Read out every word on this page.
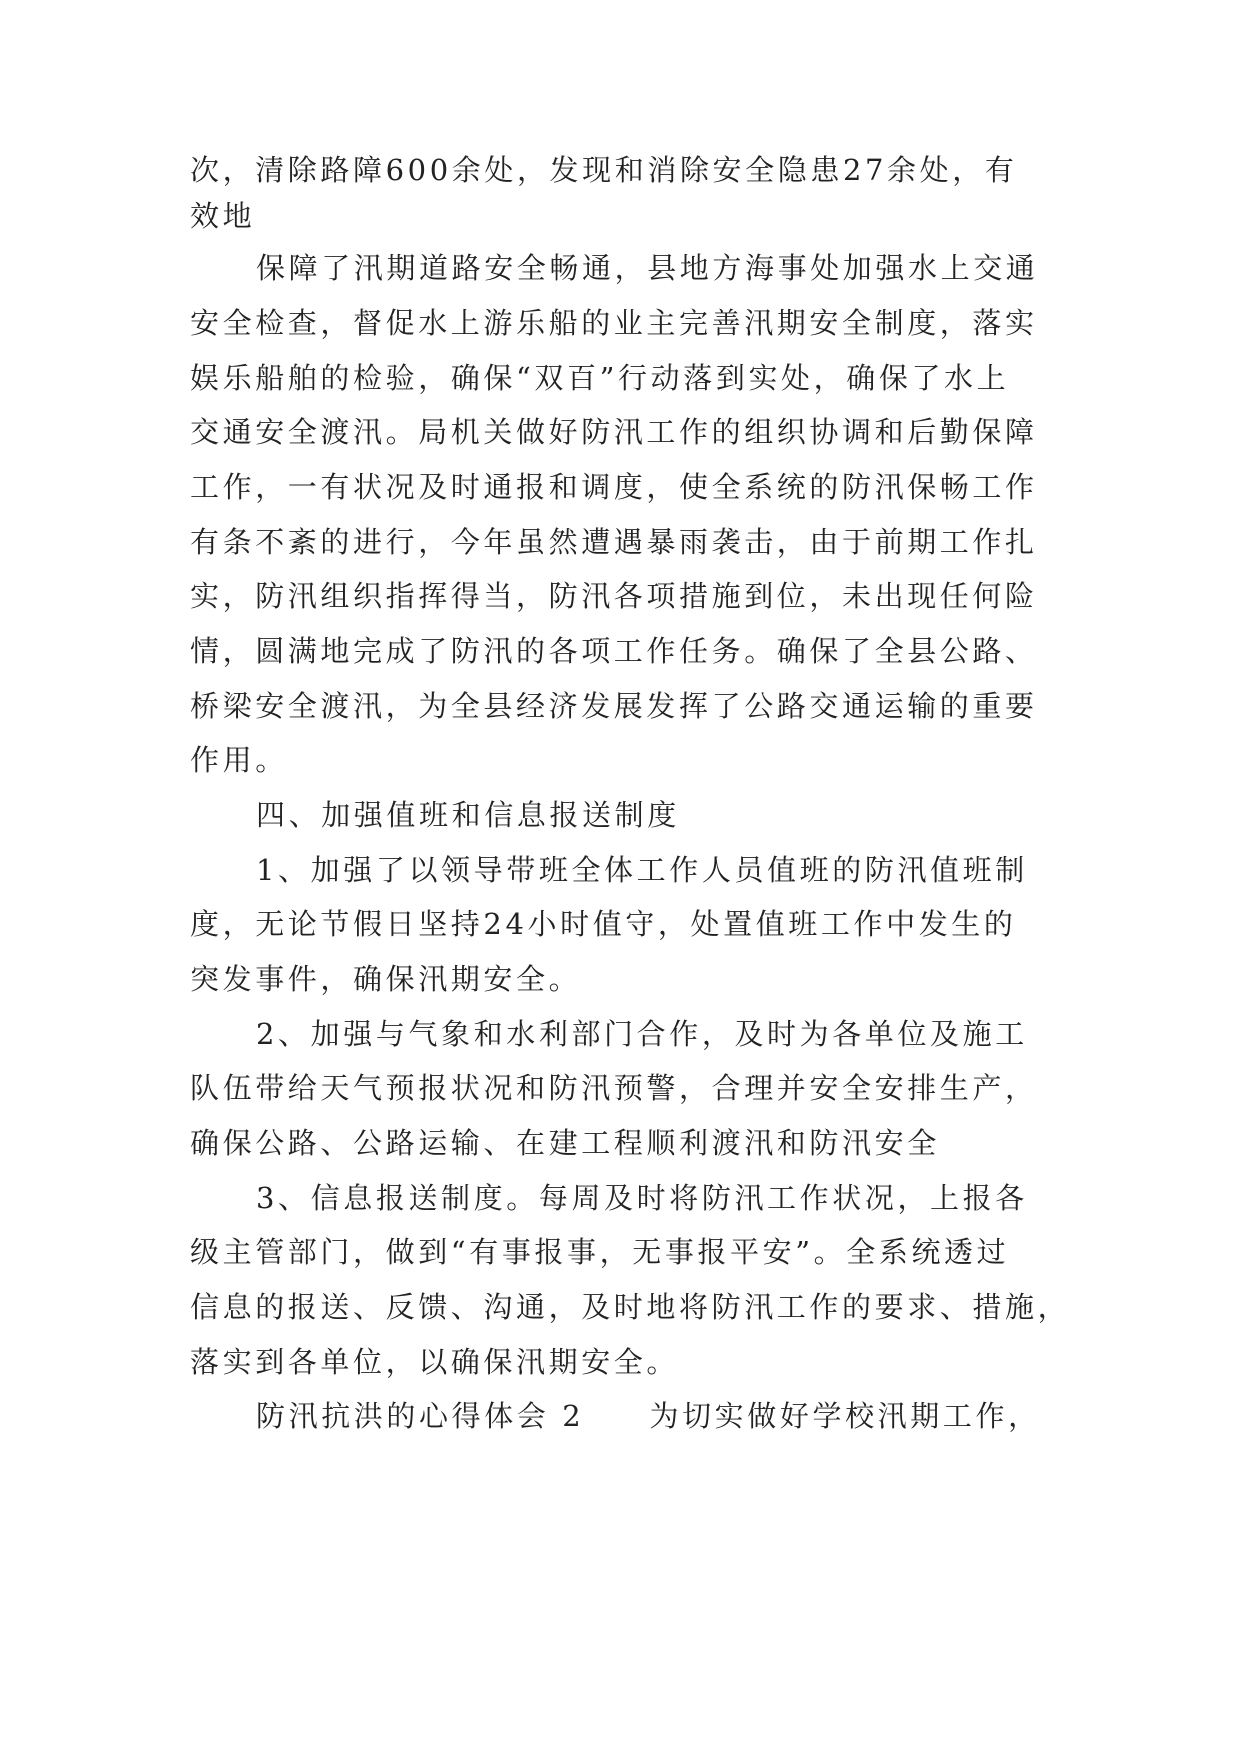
次，清除路障600余处，发现和消除安全隐患27余处，有
效地
保障了汛期道路安全畅通，县地方海事处加强水上交通
安全检查，督促水上游乐船的业主完善汛期安全制度，落实
娱乐船舶的检验，确保“双百”行动落到实处，确保了水上
交通安全渡汛。局机关做好防汛工作的组织协调和后勤保障
工作，一有状况及时通报和调度，使全系统的防汛保畅工作
有条不紊的进行，今年虽然遭遇暴雨袭击，由于前期工作扎
实，防汛组织指挥得当，防汛各项措施到位，未出现任何险
情，圆满地完成了防汛的各项工作任务。确保了全县公路、
桥梁安全渡汛，为全县经济发展发挥了公路交通运输的重要
作用。
四、加强值班和信息报送制度
1、加强了以领导带班全体工作人员值班的防汛值班制
度，无论节假日坚持24小时值守，处置值班工作中发生的
突发事件，确保汛期安全。
2、加强与气象和水利部门合作，及时为各单位及施工
队伍带给天气预报状况和防汛预警，合理并安全安排生产，
确保公路、公路运输、在建工程顺利渡汛和防汛安全
3、信息报送制度。每周及时将防汛工作状况，上报各
级主管部门，做到“有事报事，无事报平安”。全系统透过
信息的报送、反馈、沟通，及时地将防汛工作的要求、措施，
落实到各单位，以确保汛期安全。
防汛抗洪的心得体会 2　　为切实做好学校汛期工作，
